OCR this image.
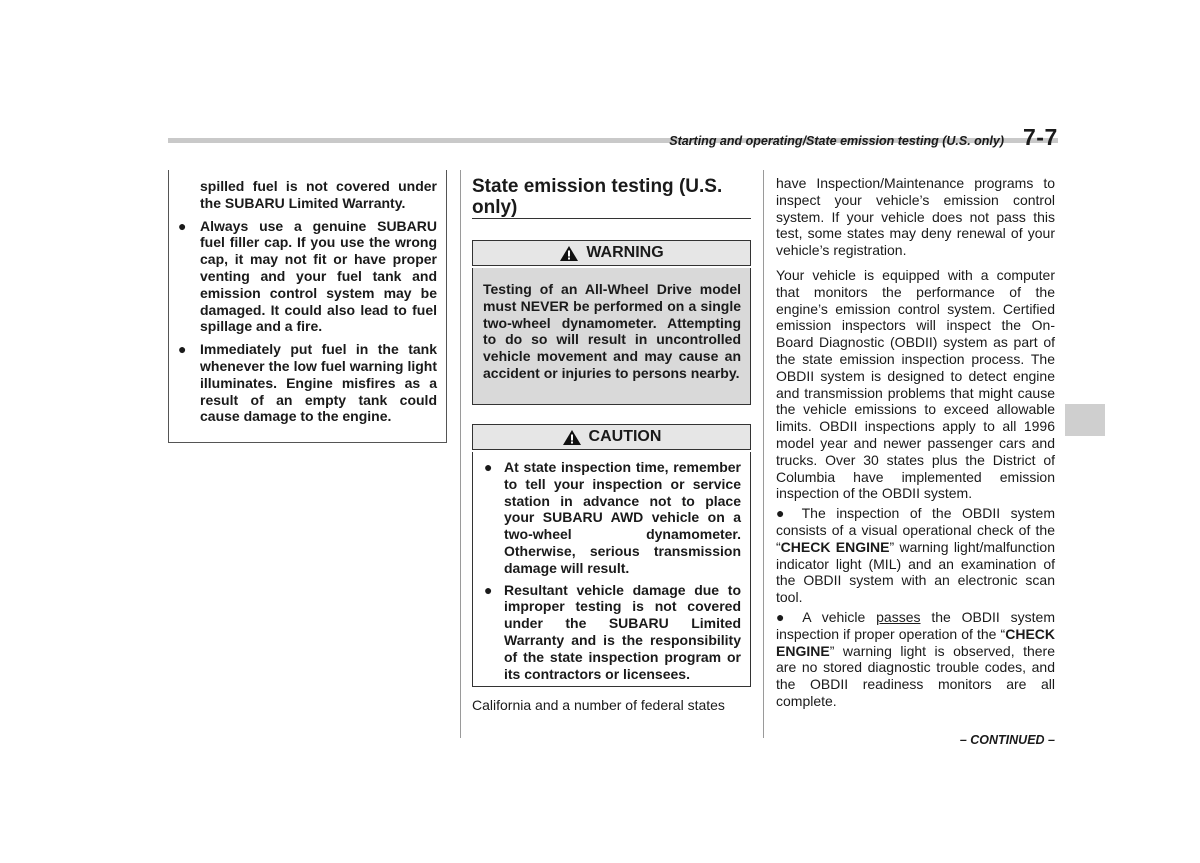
Starting and operating/State emission testing (U.S. only) 7-7
spilled fuel is not covered under the SUBARU Limited Warranty.
● Always use a genuine SUBARU fuel filler cap. If you use the wrong cap, it may not fit or have proper venting and your fuel tank and emission control system may be damaged. It could also lead to fuel spillage and a fire.
● Immediately put fuel in the tank whenever the low fuel warning light illuminates. Engine misfires as a result of an empty tank could cause damage to the engine.
State emission testing (U.S. only)
WARNING
Testing of an All-Wheel Drive model must NEVER be performed on a single two-wheel dynamometer. Attempting to do so will result in uncontrolled vehicle movement and may cause an accident or injuries to persons nearby.
CAUTION
● At state inspection time, remember to tell your inspection or service station in advance not to place your SUBARU AWD vehicle on a two-wheel dynamometer. Otherwise, serious transmission damage will result.
● Resultant vehicle damage due to improper testing is not covered under the SUBARU Limited Warranty and is the responsibility of the state inspection program or its contractors or licensees.
California and a number of federal states

have Inspection/Maintenance programs to inspect your vehicle’s emission control system. If your vehicle does not pass this test, some states may deny renewal of your vehicle’s registration.

Your vehicle is equipped with a computer that monitors the performance of the engine’s emission control system. Certified emission inspectors will inspect the On-Board Diagnostic (OBDII) system as part of the state emission inspection process. The OBDII system is designed to detect engine and transmission problems that might cause the vehicle emissions to exceed allowable limits. OBDII inspections apply to all 1996 model year and newer passenger cars and trucks. Over 30 states plus the District of Columbia have implemented emission inspection of the OBDII system.

● The inspection of the OBDII system consists of a visual operational check of the “CHECK ENGINE” warning light/malfunction indicator light (MIL) and an examination of the OBDII system with an electronic scan tool.

● A vehicle passes the OBDII system inspection if proper operation of the “CHECK ENGINE” warning light is observed, there are no stored diagnostic trouble codes, and the OBDII readiness monitors are all complete.

– CONTINUED –
